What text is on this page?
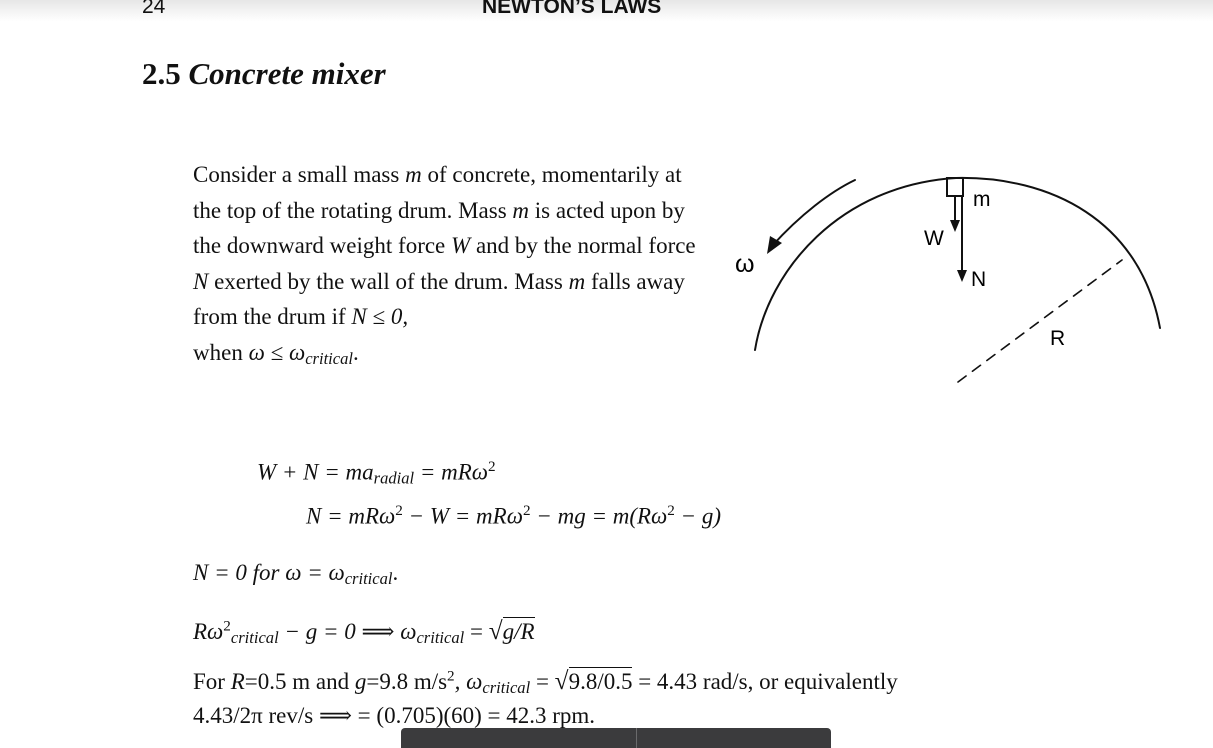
24	NEWTON’S LAWS
2.5 Concrete mixer
Consider a small mass m of concrete, momentarily at the top of the rotating drum. Mass m is acted upon by the downward weight force W and by the normal force N exerted by the wall of the drum. Mass m falls away from the drum if N ≤ 0,
when $\omega \le \omega_{critical}$.
m
W
N
R
ω
$W + N = ma_{radial} = mR\omega^2$
N = mRω$^2$ − W = mRω$^2$ − mg = $m(R\omega^2 - g)$
N = 0 for $\omega = \omega_{critical}$.
$R\omega^2_{critical} - g = 0$ ⟹ $\omega_{critical} = √g/R$
For R=0.5 m and g=9.8 $m/s^2$, $\omega_{critical} = √9.8/0.5 = 4.43$ rad/s, or equivalently
4.43/2π rev/s ⟹ = (0.705)(60) = 42.3 rpm.
